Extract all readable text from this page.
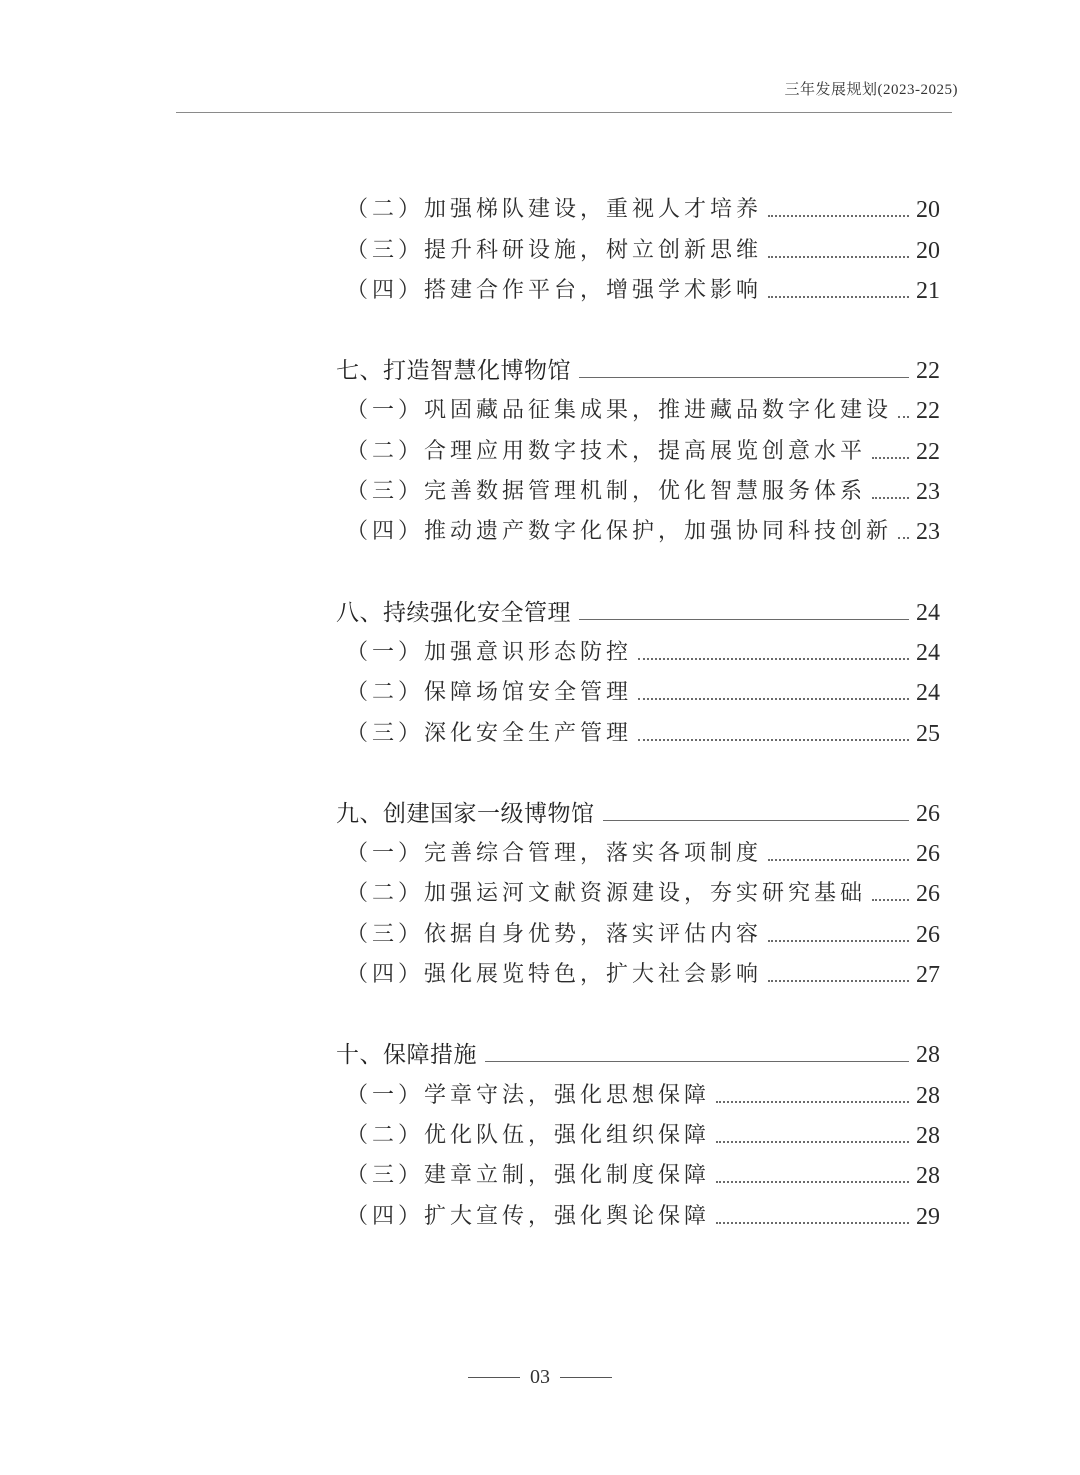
三年发展规划(2023-2025)
（二）加强梯队建设，重视人才培养	20
（三）提升科研设施，树立创新思维	20
（四）搭建合作平台，增强学术影响	21
七、打造智慧化博物馆	22
（一）巩固藏品征集成果，推进藏品数字化建设 22
（二）合理应用数字技术，提高展览创意水平 22
（三）完善数据管理机制，优化智慧服务体系 23
（四）推动遗产数字化保护，加强协同科技创新 23
八、持续强化安全管理	24
（一）加强意识形态防控	24
（二）保障场馆安全管理	24
（三）深化安全生产管理	25
九、创建国家一级博物馆	26
（一）完善综合管理，落实各项制度	26
（二）加强运河文献资源建设，夯实研究基础 26
（三）依据自身优势，落实评估内容	26
（四）强化展览特色，扩大社会影响	27
十、保障措施	28
（一）学章守法，强化思想保障	28
（二）优化队伍，强化组织保障	28
（三）建章立制，强化制度保障	28
（四）扩大宣传，强化舆论保障	29
03
